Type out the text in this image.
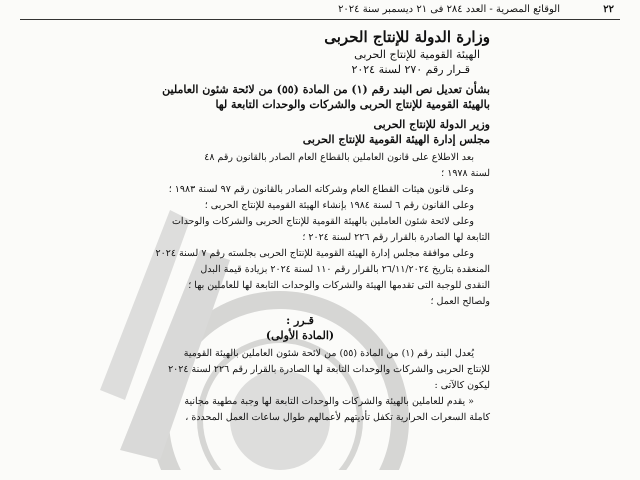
٢٢
الوقائع المصرية - العدد ٢٨٤ فى ٢١ ديسمبر سنة ٢٠٢٤

وزارة الدولة للإنتاج الحربى

الهيئة القومية للإنتاج الحربى

قـرار رقم ٢٧٠ لسنة ٢٠٢٤

بشأن تعديل نص البند رقم (١) من المادة (٥٥) من لائحة شئون العاملين
بالهيئة القومية للإنتاج الحربى والشركات والوحدات التابعة لها

وزير الدولة للإنتاج الحربى

مجلس إدارة الهيئة القومية للإنتاج الحربى

بعد الاطلاع على قانون العاملين بالقطاع العام الصادر بالقانون رقم ٤٨

لسنة ١٩٧٨ ؛

وعلى قانون هيئات القطاع العام وشركاته الصادر بالقانون رقم ٩٧ لسنة ١٩٨٣ ؛

وعلى القانون رقم ٦ لسنة ١٩٨٤ بإنشاء الهيئة القومية للإنتاج الحربى ؛

وعلى لائحة شئون العاملين بالهيئة القومية للإنتاج الحربى والشركات والوحدات

التابعة لها الصادرة بالقرار رقم ٢٢٦ لسنة ٢٠٢٤ ؛

وعلى موافقة مجلس إدارة الهيئة القومية للإنتاج الحربى بجلسته رقم ٧ لسنة ٢٠٢٤

المنعقدة بتاريخ ٢٦/١١/٢٠٢٤ بالقرار رقم ١١٠ لسنة ٢٠٢٤ بزيادة قيمة البدل

النقدى للوجبة التى تقدمها الهيئة والشركات والوحدات التابعة لها للعاملين بها ؛

ولصالح العمل ؛

قـرر :

(المادة الأولى)

يُعدل البند رقم (١) من المادة (٥٥) من لائحة شئون العاملين بالهيئة القومية

للإنتاج الحربى والشركات والوحدات التابعة لها الصادرة بالقرار رقم ٢٢٦ لسنة ٢٠٢٤

ليكون كالآتى :

« يقدم للعاملين بالهيئة والشركات والوحدات التابعة لها وجبة مطهية مجانية

كاملة السعرات الحرارية تكفل تأديتهم لأعمالهم طوال ساعات العمل المحددة ،
